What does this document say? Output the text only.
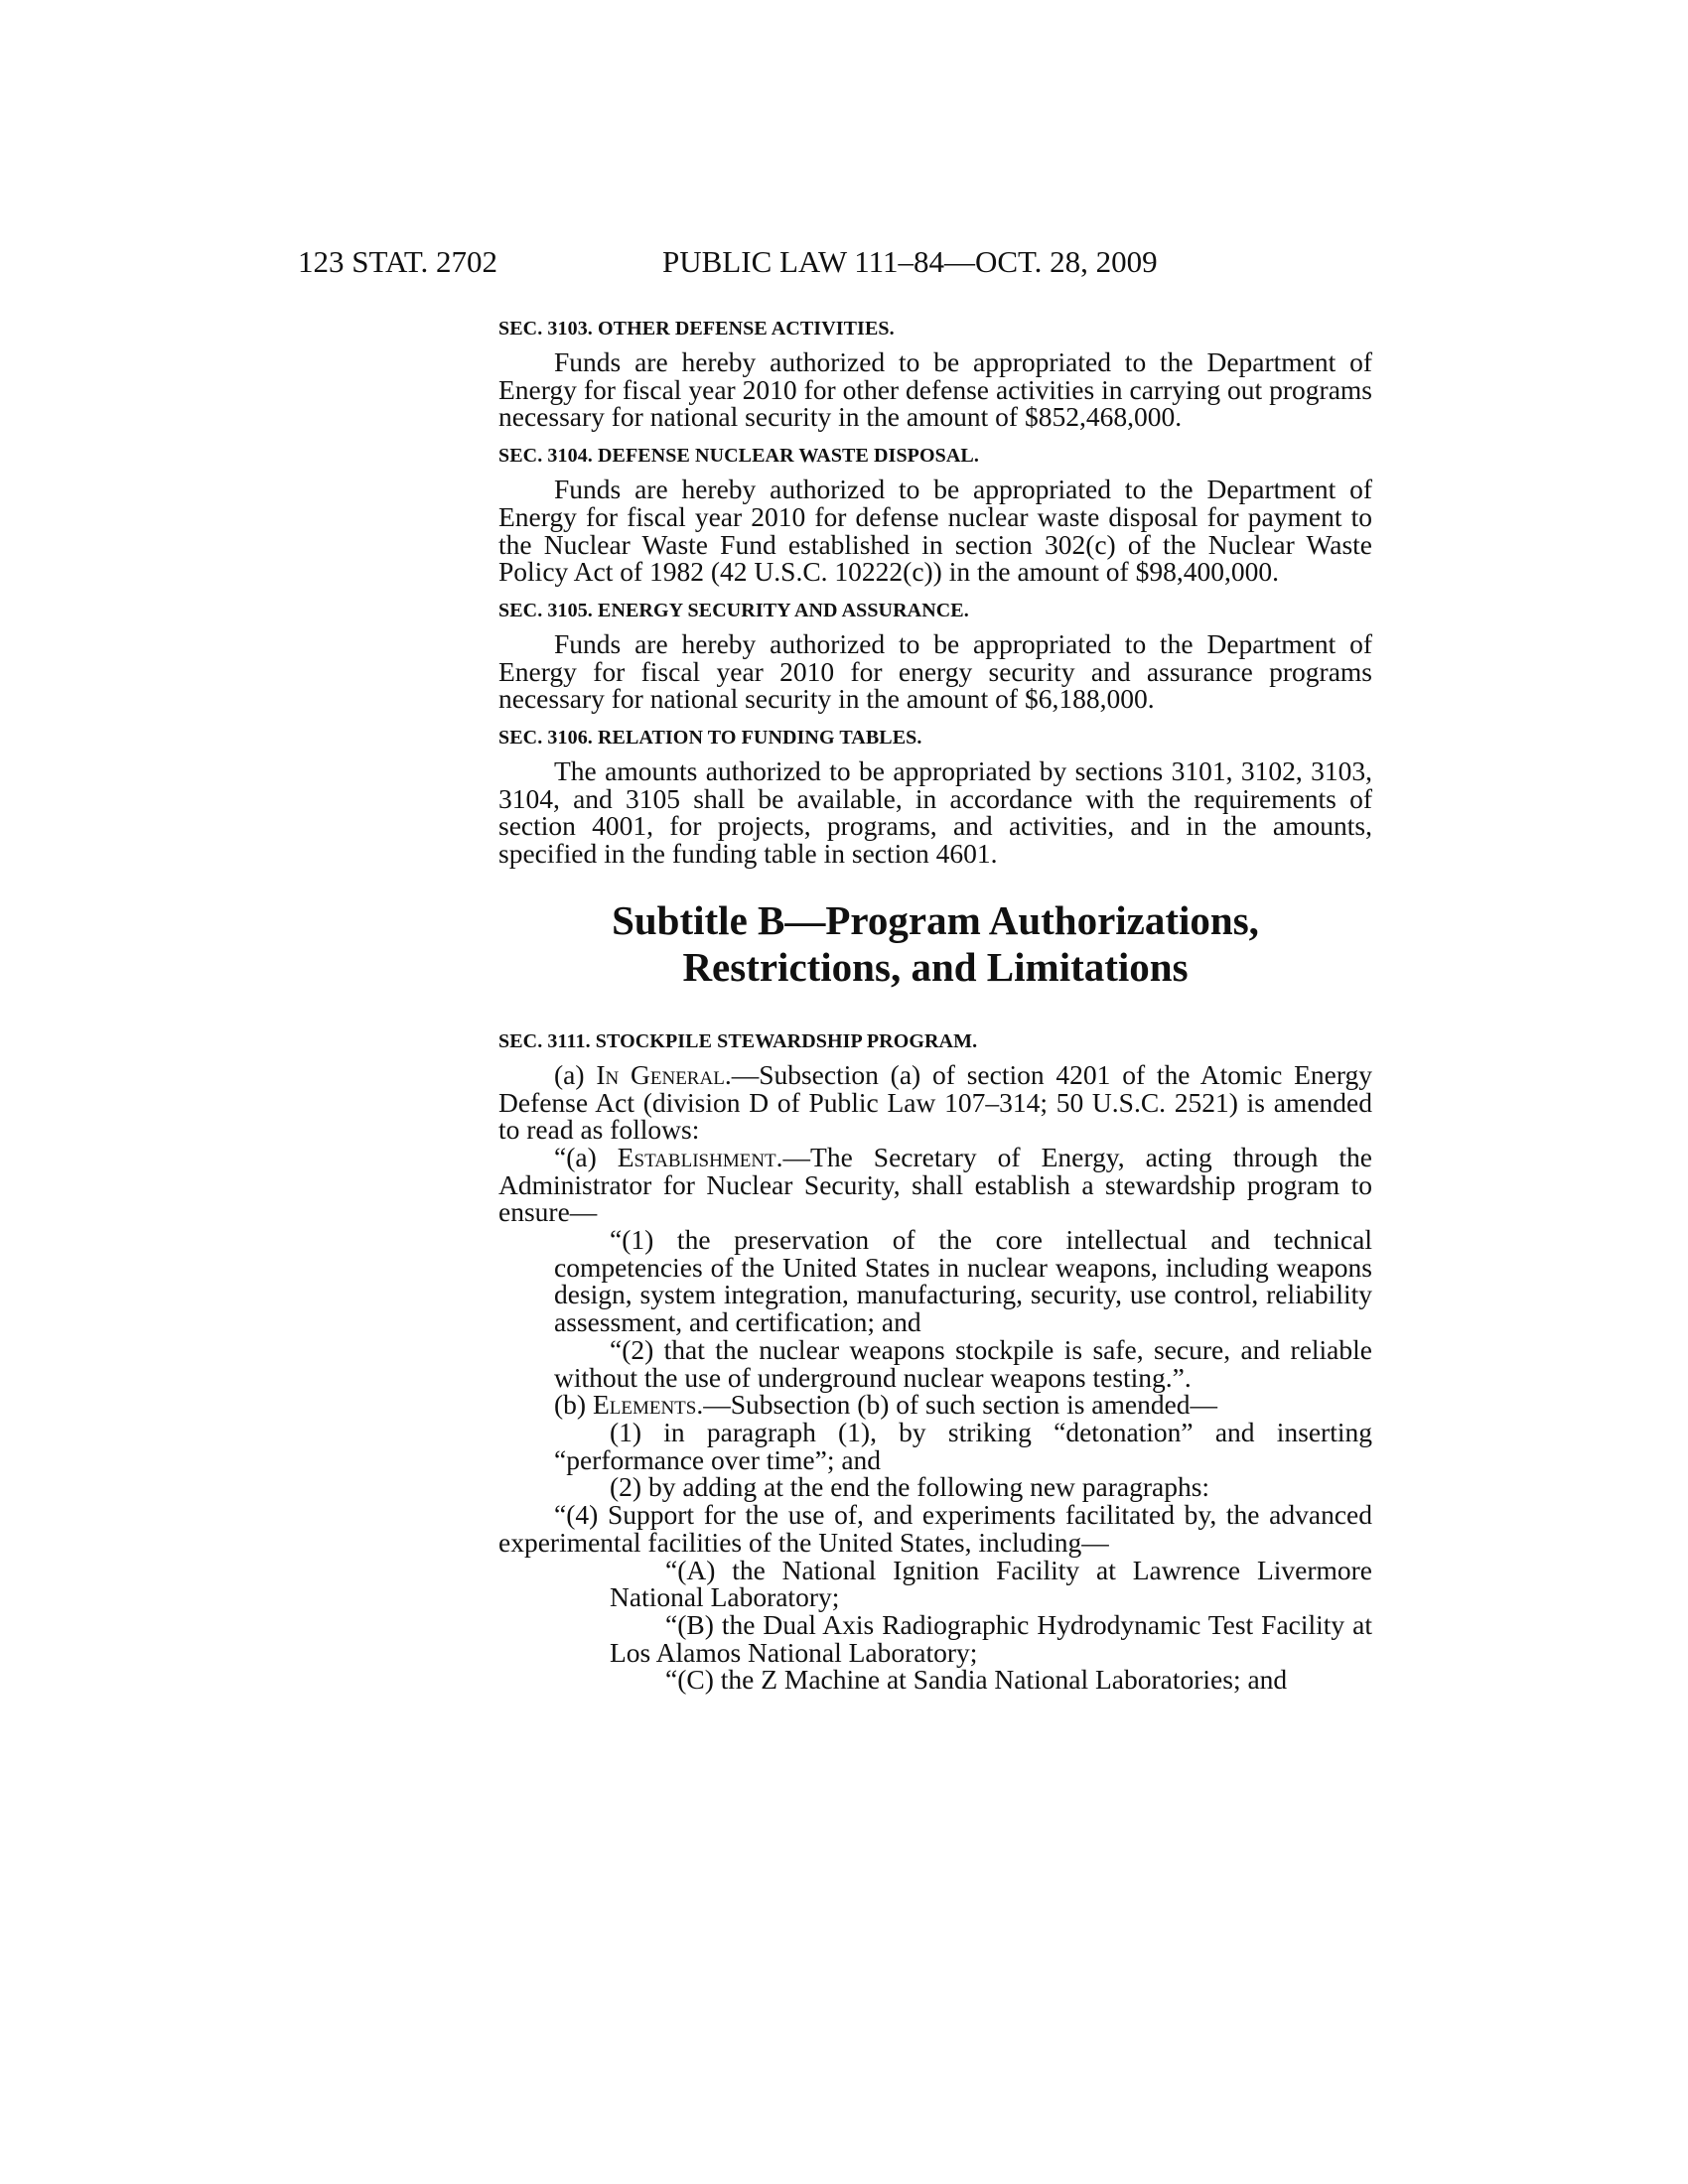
123 STAT. 2702	PUBLIC LAW 111–84—OCT. 28, 2009
SEC. 3103. OTHER DEFENSE ACTIVITIES.

Funds are hereby authorized to be appropriated to the Department of Energy for fiscal year 2010 for other defense activities in carrying out programs necessary for national security in the amount of $852,468,000.

SEC. 3104. DEFENSE NUCLEAR WASTE DISPOSAL.

Funds are hereby authorized to be appropriated to the Department of Energy for fiscal year 2010 for defense nuclear waste disposal for payment to the Nuclear Waste Fund established in section 302(c) of the Nuclear Waste Policy Act of 1982 (42 U.S.C. 10222(c)) in the amount of $98,400,000.

SEC. 3105. ENERGY SECURITY AND ASSURANCE.

Funds are hereby authorized to be appropriated to the Department of Energy for fiscal year 2010 for energy security and assurance programs necessary for national security in the amount of $6,188,000.

SEC. 3106. RELATION TO FUNDING TABLES.

The amounts authorized to be appropriated by sections 3101, 3102, 3103, 3104, and 3105 shall be available, in accordance with the requirements of section 4001, for projects, programs, and activities, and in the amounts, specified in the funding table in section 4601.

Subtitle B—Program Authorizations,
Restrictions, and Limitations
SEC. 3111. STOCKPILE STEWARDSHIP PROGRAM.

(a) In General.—Subsection (a) of section 4201 of the Atomic Energy Defense Act (division D of Public Law 107–314; 50 U.S.C. 2521) is amended to read as follows:

“(a) Establishment.—The Secretary of Energy, acting through the Administrator for Nuclear Security, shall establish a stewardship program to ensure—

“(1) the preservation of the core intellectual and technical competencies of the United States in nuclear weapons, including weapons design, system integration, manufacturing, security, use control, reliability assessment, and certification; and

“(2) that the nuclear weapons stockpile is safe, secure, and reliable without the use of underground nuclear weapons testing.”.

(b) Elements.—Subsection (b) of such section is amended—

(1) in paragraph (1), by striking “detonation” and inserting “performance over time”; and

(2) by adding at the end the following new paragraphs:

“(4) Support for the use of, and experiments facilitated by, the advanced experimental facilities of the United States, including—

“(A) the National Ignition Facility at Lawrence Livermore National Laboratory;

“(B) the Dual Axis Radiographic Hydrodynamic Test Facility at Los Alamos National Laboratory;

“(C) the Z Machine at Sandia National Laboratories; and
